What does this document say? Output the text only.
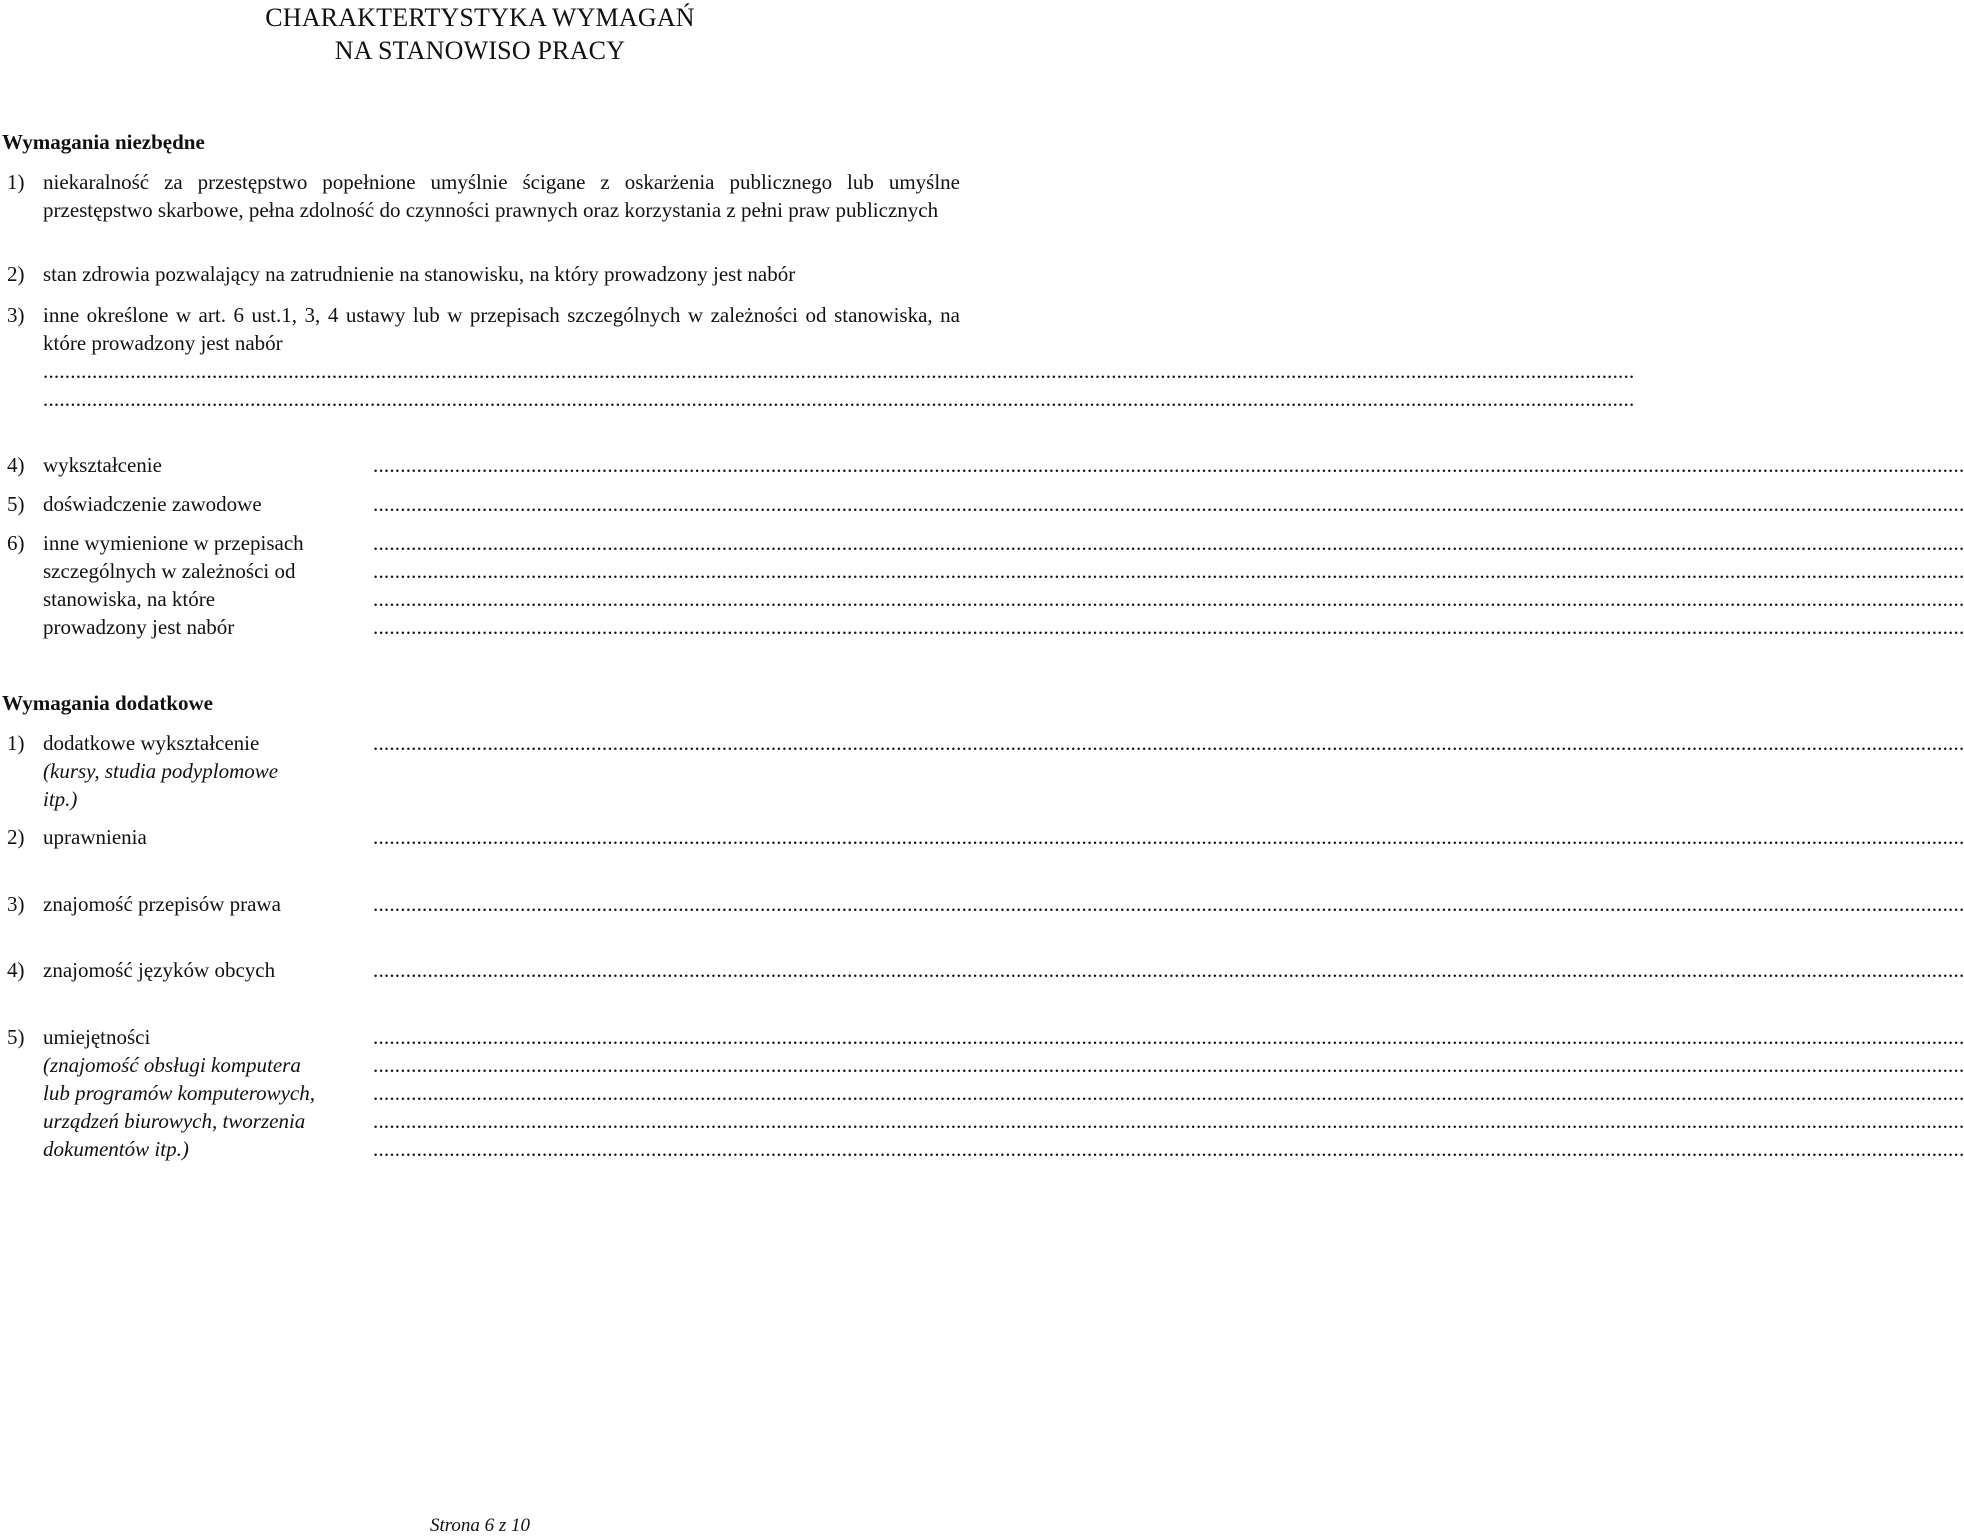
CHARAKTERTYSTYKA WYMAGAŃ
NA STANOWISO PRACY
Wymagania niezbędne
1) niekaralność za przestępstwo popełnione umyślnie ścigane z oskarżenia publicznego lub umyślne przestępstwo skarbowe, pełna zdolność do czynności prawnych oraz korzystania z pełni praw publicznych
2) stan zdrowia pozwalający na zatrudnienie na stanowisku, na który prowadzony jest nabór
3) inne określone w art. 6 ust.1, 3, 4 ustawy lub w przepisach szczególnych w zależności od stanowiska, na które prowadzony jest nabór
....................................................................................................................................................................................................................................................................................................
....................................................................................................................................................................................................................................................................................................
4) wykształcenie	....................................................................................................................................................................................................................................................................................................
5) doświadczenie zawodowe	....................................................................................................................................................................................................................................................................................................
6) inne wymienione w przepisach
szczególnych w zależności od
stanowiska, na które
prowadzony jest nabór
....................................................................................................................................................................................................................................................................................................
....................................................................................................................................................................................................................................................................................................
....................................................................................................................................................................................................................................................................................................
....................................................................................................................................................................................................................................................................................................
Wymagania dodatkowe
1) dodatkowe wykształcenie
(kursy, studia podyplomowe
itp.)
....................................................................................................................................................................................................................................................................................................
2) uprawnienia	....................................................................................................................................................................................................................................................................................................
3) znajomość przepisów prawa	....................................................................................................................................................................................................................................................................................................
4) znajomość języków obcych	....................................................................................................................................................................................................................................................................................................
5) umiejętności
(znajomość obsługi komputera
lub programów komputerowych,
urządzeń biurowych, tworzenia
dokumentów itp.)
....................................................................................................................................................................................................................................................................................................
....................................................................................................................................................................................................................................................................................................
....................................................................................................................................................................................................................................................................................................
....................................................................................................................................................................................................................................................................................................
....................................................................................................................................................................................................................................................................................................
Strona 6 z 10
